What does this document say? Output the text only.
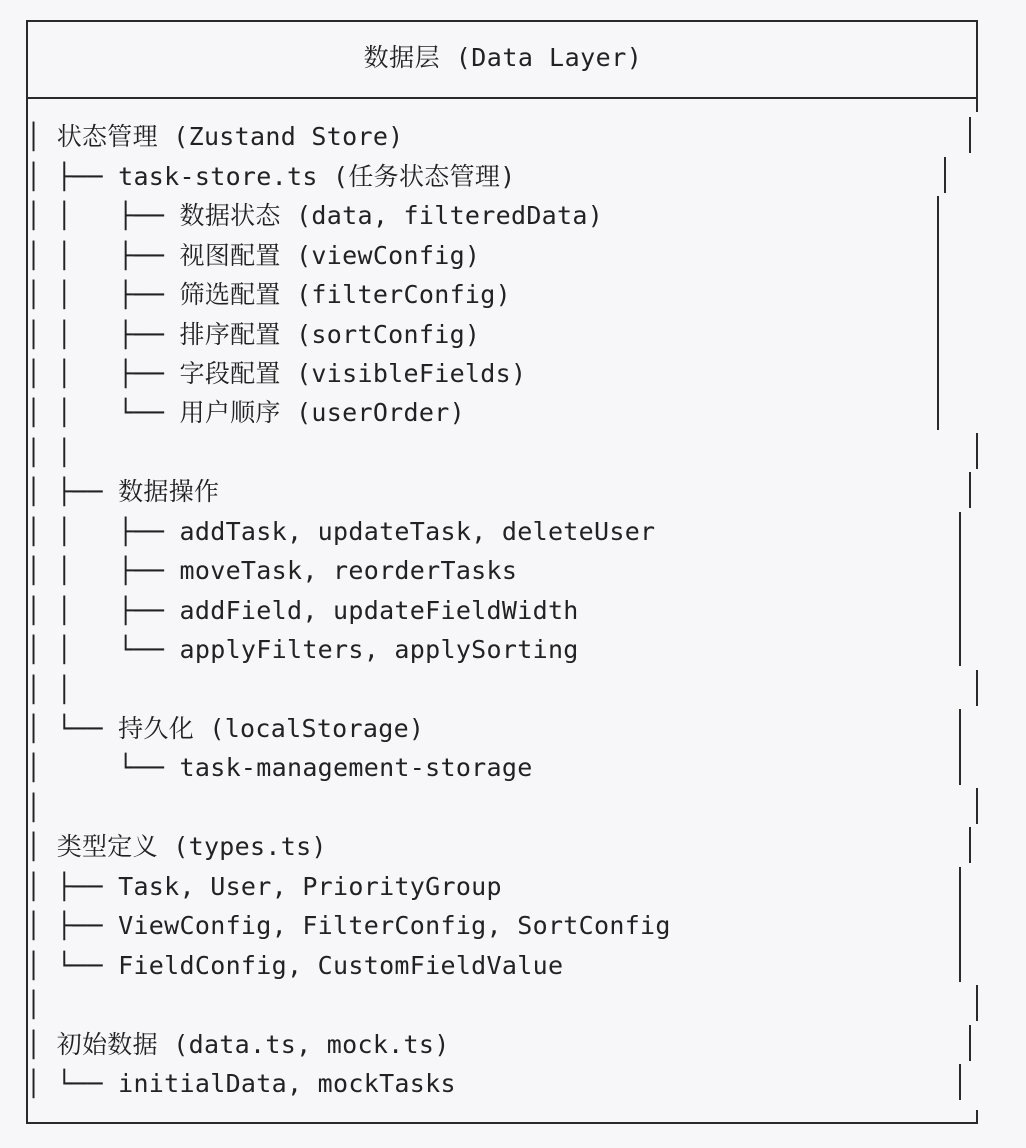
数据层 (Data Layer)
│ 状态管理 (Zustand Store)
│ ├── task-store.ts (任务状态管理)
│ │   ├── 数据状态 (data, filteredData)
│ │   ├── 视图配置 (viewConfig)
│ │   ├── 筛选配置 (filterConfig)
│ │   ├── 排序配置 (sortConfig)
│ │   ├── 字段配置 (visibleFields)
│ │   └── 用户顺序 (userOrder)
│ │
│ ├── 数据操作
│ │   ├── addTask, updateTask, deleteUser
│ │   ├── moveTask, reorderTasks
│ │   ├── addField, updateFieldWidth
│ │   └── applyFilters, applySorting
│ │
│ └── 持久化 (localStorage)
│     └── task-management-storage
│
│ 类型定义 (types.ts)
│ ├── Task, User, PriorityGroup
│ ├── ViewConfig, FilterConfig, SortConfig
│ └── FieldConfig, CustomFieldValue
│
│ 初始数据 (data.ts, mock.ts)
│ └── initialData, mockTasks
